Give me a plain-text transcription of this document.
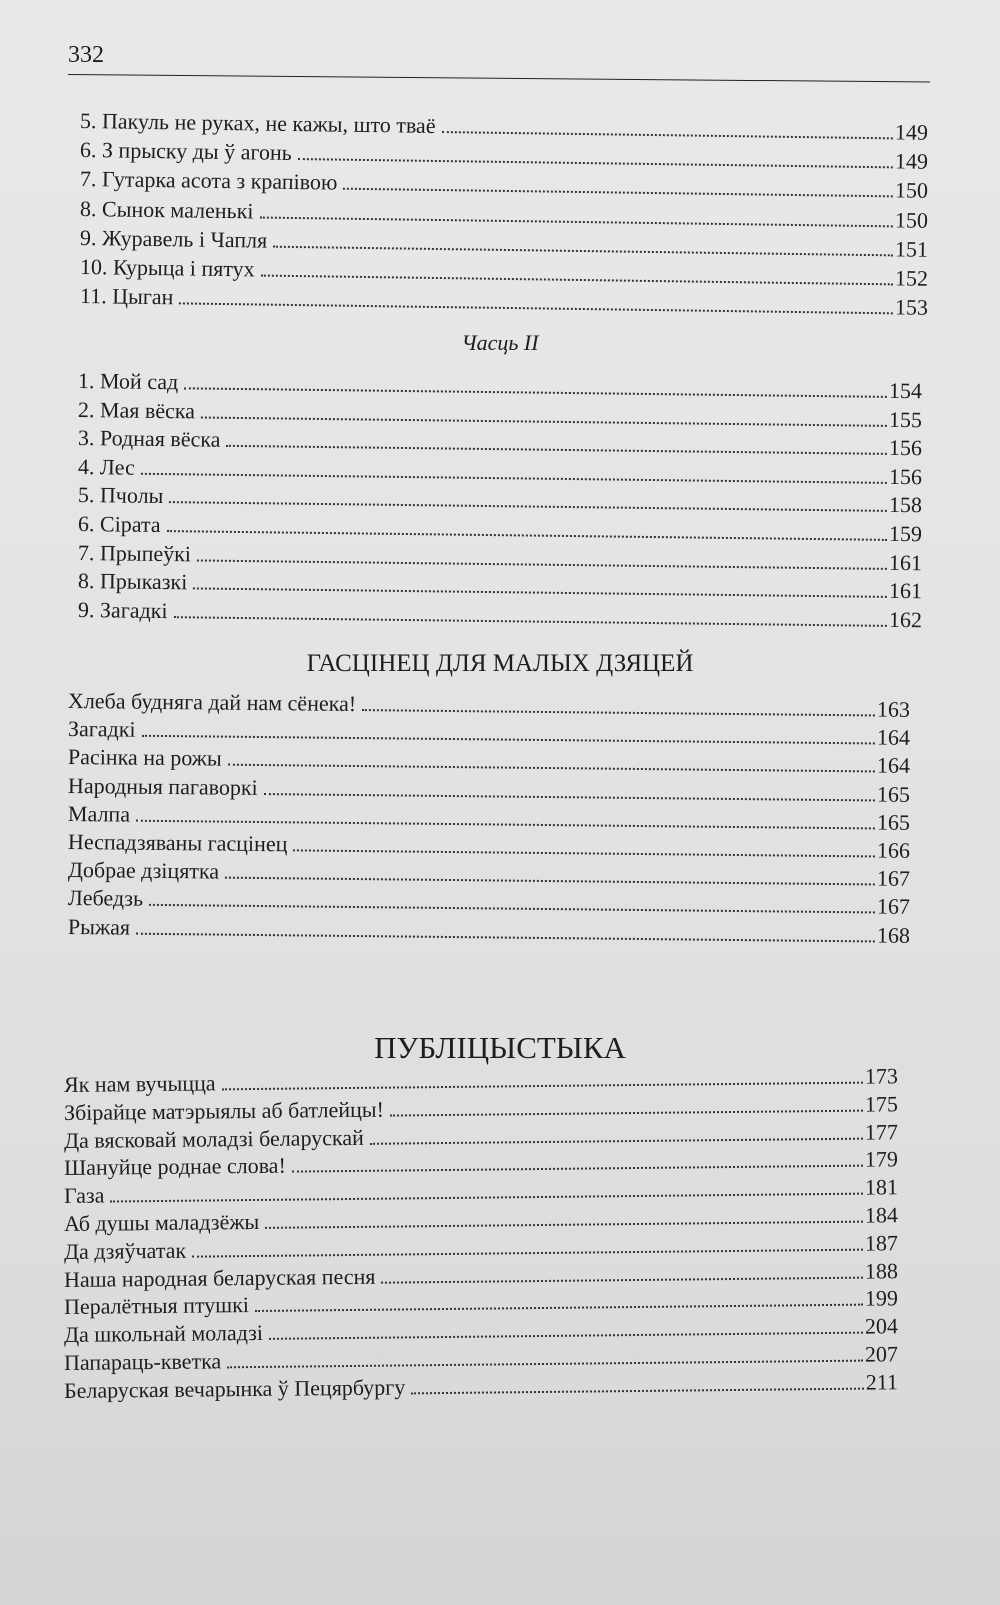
332
5. Пакуль не руках, не кажы, што тваё	149
6. З прыску ды ў агонь	149
7. Гутарка асота з крапівою	150
8. Сынок маленькі	150
9. Журавель і Чапля	151
10. Курыца і пятух	152
11. Цыган	153
Часць II
1. Мой сад	154
2. Мая вёска	155
3. Родная вёска	156
4. Лес	156
5. Пчолы	158
6. Сірата	159
7. Прыпеўкі	161
8. Прыказкі	161
9. Загадкі	162
ГАСЦІНЕЦ ДЛЯ МАЛЫХ ДЗЯЦЕЙ
Хлеба будняга дай нам сёнека!	163
Загадкі	164
Расінка на рожы	164
Народныя пагаворкі	165
Малпа	165
Неспадзяваны гасцінец	166
Добрае дзіцятка	167
Лебедзь	167
Рыжая	168
ПУБЛІЦЫСТЫКА
Як нам вучыцца	173
Збірайце матэрыялы аб батлейцы!	175
Да вясковай моладзі беларускай	177
Шануйце роднае слова!	179
Газа	181
Аб душы маладзёжы	184
Да дзяўчатак	187
Наша народная беларуская песня	188
Пералётныя птушкі	199
Да школьнай моладзі	204
Папараць-кветка	207
Беларуская вечарынка ў Пецярбургу	211
